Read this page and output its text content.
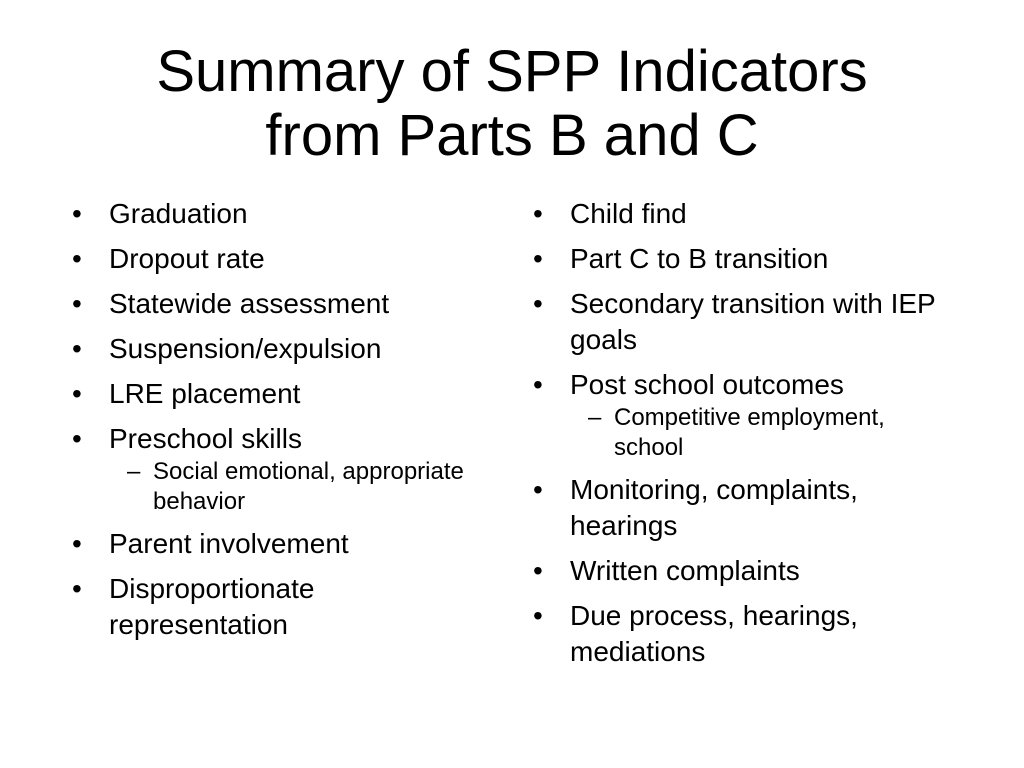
Summary of SPP Indicators
from Parts B and C
• Graduation
• Dropout rate
• Statewide assessment
• Suspension/expulsion
• LRE placement
• Preschool skills
– Social emotional, appropriate behavior
• Parent involvement
• Disproportionate representation
• Child find
• Part C to B transition
• Secondary transition with IEP goals
• Post school outcomes
– Competitive employment, school
• Monitoring, complaints, hearings
• Written complaints
• Due process, hearings, mediations
